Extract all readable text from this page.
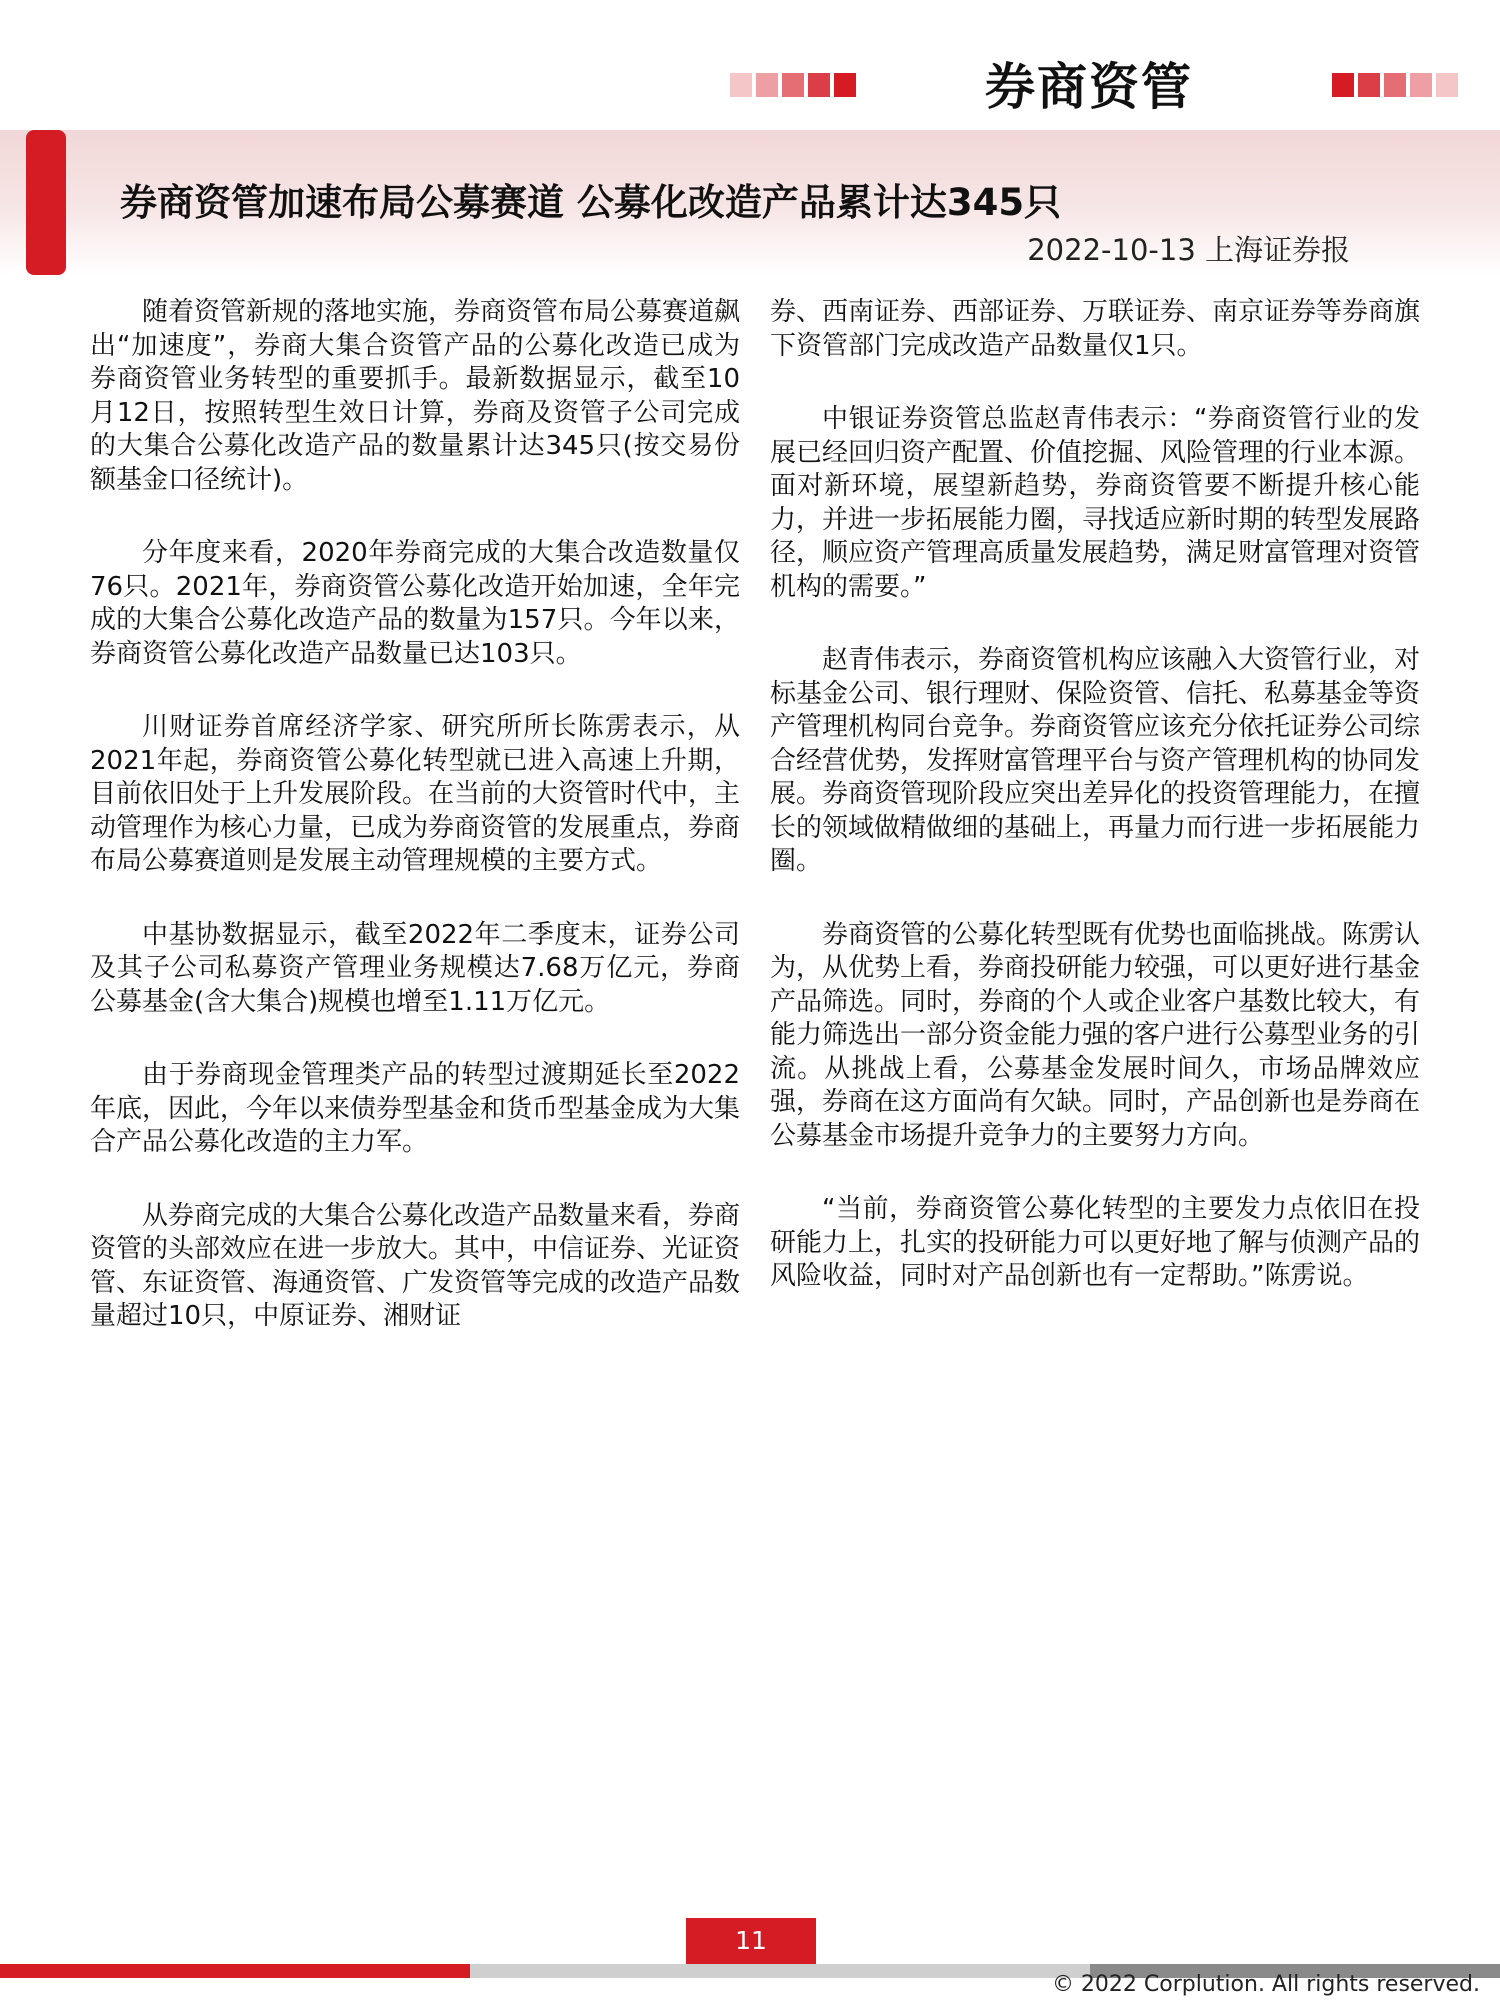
券商资管
券商资管加速布局公募赛道 公募化改造产品累计达345只
2022-10-13 上海证券报

随着资管新规的落地实施，券商资管布局公募赛道飙出“加速度”，券商大集合资管产品的公募化改造已成为券商资管业务转型的重要抓手。最新数据显示，截至10月12日，按照转型生效日计算，券商及资管子公司完成的大集合公募化改造产品的数量累计达345只(按交易份额基金口径统计)。

分年度来看，2020年券商完成的大集合改造数量仅76只。2021年，券商资管公募化改造开始加速，全年完成的大集合公募化改造产品的数量为157只。今年以来，券商资管公募化改造产品数量已达103只。

川财证券首席经济学家、研究所所长陈雳表示，从2021年起，券商资管公募化转型就已进入高速上升期，目前依旧处于上升发展阶段。在当前的大资管时代中，主动管理作为核心力量，已成为券商资管的发展重点，券商布局公募赛道则是发展主动管理规模的主要方式。

中基协数据显示，截至2022年二季度末，证券公司及其子公司私募资产管理业务规模达7.68万亿元，券商公募基金(含大集合)规模也增至1.11万亿元。

由于券商现金管理类产品的转型过渡期延长至2022年底，因此，今年以来债券型基金和货币型基金成为大集合产品公募化改造的主力军。

从券商完成的大集合公募化改造产品数量来看，券商资管的头部效应在进一步放大。其中，中信证券、光证资管、东证资管、海通资管、广发资管等完成的改造产品数量超过10只，中原证券、湘财证

券、西南证券、西部证券、万联证券、南京证券等券商旗下资管部门完成改造产品数量仅1只。

中银证券资管总监赵青伟表示：“券商资管行业的发展已经回归资产配置、价值挖掘、风险管理的行业本源。面对新环境，展望新趋势，券商资管要不断提升核心能力，并进一步拓展能力圈，寻找适应新时期的转型发展路径，顺应资产管理高质量发展趋势，满足财富管理对资管机构的需要。”

赵青伟表示，券商资管机构应该融入大资管行业，对标基金公司、银行理财、保险资管、信托、私募基金等资产管理机构同台竞争。券商资管应该充分依托证券公司综合经营优势，发挥财富管理平台与资产管理机构的协同发展。券商资管现阶段应突出差异化的投资管理能力，在擅长的领域做精做细的基础上，再量力而行进一步拓展能力圈。

券商资管的公募化转型既有优势也面临挑战。陈雳认为，从优势上看，券商投研能力较强，可以更好进行基金产品筛选。同时，券商的个人或企业客户基数比较大，有能力筛选出一部分资金能力强的客户进行公募型业务的引流。从挑战上看，公募基金发展时间久，市场品牌效应强，券商在这方面尚有欠缺。同时，产品创新也是券商在公募基金市场提升竞争力的主要努力方向。

“当前，券商资管公募化转型的主要发力点依旧在投研能力上，扎实的投研能力可以更好地了解与侦测产品的风险收益，同时对产品创新也有一定帮助。”陈雳说。

11
© 2022 Corplution. All rights reserved.
